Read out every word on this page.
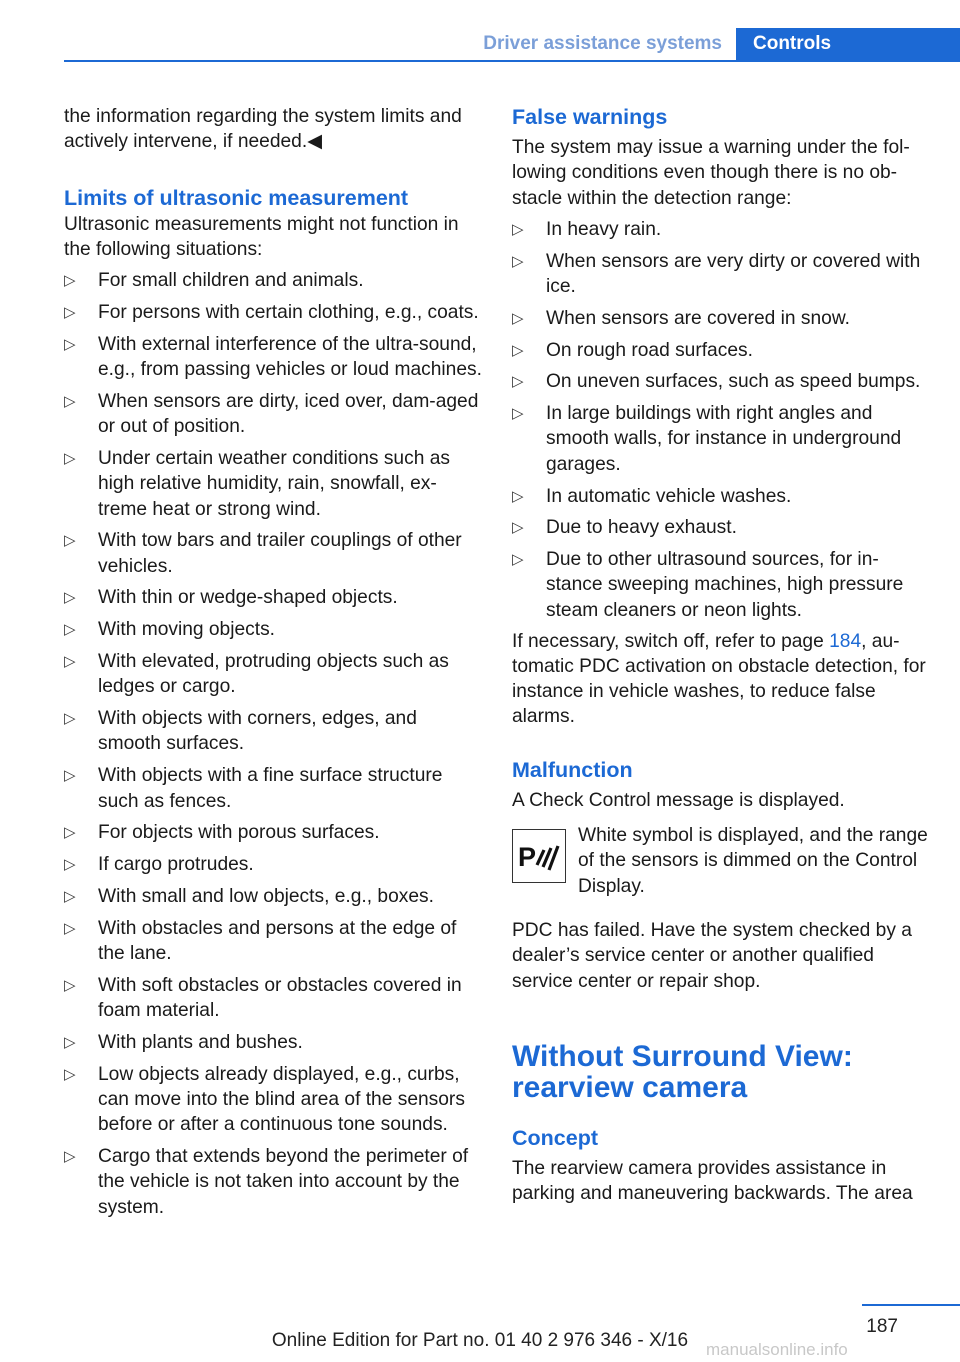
Driver assistance systems	Controls

the information regarding the system limits and actively intervene, if needed.◀

Limits of ultrasonic measurement

Ultrasonic measurements might not function in the following situations:

▷ For small children and animals.
▷ For persons with certain clothing, e.g., coats.
▷ With external interference of the ultra‐sound, e.g., from passing vehicles or loud machines.
▷ When sensors are dirty, iced over, dam‐aged or out of position.
▷ Under certain weather conditions such as high relative humidity, rain, snowfall, ex‐treme heat or strong wind.
▷ With tow bars and trailer couplings of other vehicles.
▷ With thin or wedge-shaped objects.
▷ With moving objects.
▷ With elevated, protruding objects such as ledges or cargo.
▷ With objects with corners, edges, and smooth surfaces.
▷ With objects with a fine surface structure such as fences.
▷ For objects with porous surfaces.
▷ If cargo protrudes.
▷ With small and low objects, e.g., boxes.
▷ With obstacles and persons at the edge of the lane.
▷ With soft obstacles or obstacles covered in foam material.
▷ With plants and bushes.
▷ Low objects already displayed, e.g., curbs, can move into the blind area of the sensors before or after a continuous tone sounds.
▷ Cargo that extends beyond the perimeter of the vehicle is not taken into account by the system.
False warnings

The system may issue a warning under the fol‐lowing conditions even though there is no ob‐stacle within the detection range:

▷ In heavy rain.
▷ When sensors are very dirty or covered with ice.
▷ When sensors are covered in snow.
▷ On rough road surfaces.
▷ On uneven surfaces, such as speed bumps.
▷ In large buildings with right angles and smooth walls, for instance in underground garages.
▷ In automatic vehicle washes.
▷ Due to heavy exhaust.
▷ Due to other ultrasound sources, for in‐stance sweeping machines, high pressure steam cleaners or neon lights.

If necessary, switch off, refer to page 184, au‐tomatic PDC activation on obstacle detection, for instance in vehicle washes, to reduce false alarms.

Malfunction

A Check Control message is displayed.

P

White symbol is displayed, and the range of the sensors is dimmed on the Control Display.

PDC has failed. Have the system checked by a dealer’s service center or another qualified service center or repair shop.

Without Surround View:
rearview camera
Concept

The rearview camera provides assistance in parking and maneuvering backwards. The area

187
Online Edition for Part no. 01 40 2 976 346 - X/16	manualsonline.info
